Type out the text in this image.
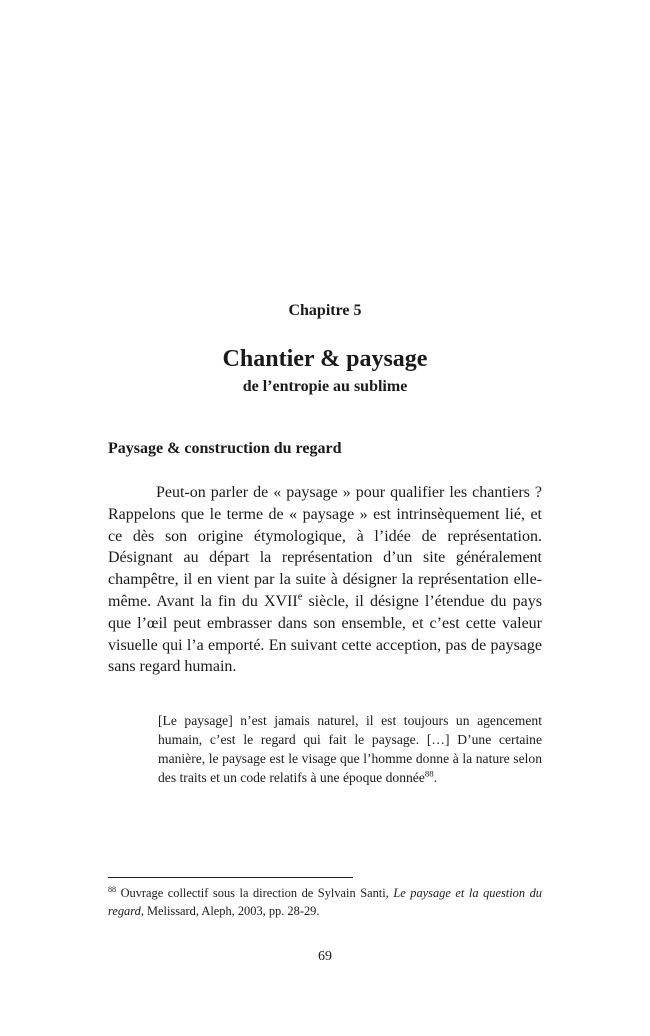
Chapitre 5
Chantier & paysage
de l’entropie au sublime
Paysage & construction du regard

Peut-on parler de « paysage » pour qualifier les chantiers ? Rappelons que le terme de « paysage » est intrinsèquement lié, et ce dès son origine étymologique, à l’idée de représentation. Désignant au départ la représentation d’un site généralement champêtre, il en vient par la suite à désigner la représentation elle-même. Avant la fin du XVIIe siècle, il désigne l’étendue du pays que l’œil peut embrasser dans son ensemble, et c’est cette valeur visuelle qui l’a emporté. En suivant cette acception, pas de paysage sans regard humain.

[Le paysage] n’est jamais naturel, il est toujours un agencement humain, c’est le regard qui fait le paysage. […] D’une certaine manière, le paysage est le visage que l’homme donne à la nature selon des traits et un code relatifs à une époque donnée$^{88}$.

$^{88}$ Ouvrage collectif sous la direction de Sylvain Santi, Le paysage et la question du regard, Melissard, Aleph, 2003, pp. 28-29.

69
